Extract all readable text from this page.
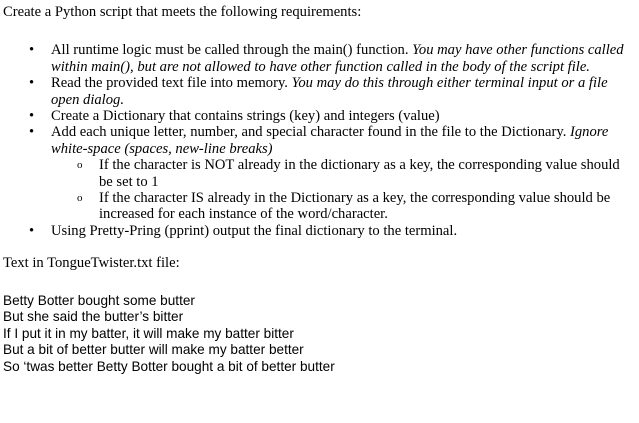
Create a Python script that meets the following requirements:

• All runtime logic must be called through the main() function. You may have other functions called within main(), but are not allowed to have other function called in the body of the script file.
• Read the provided text file into memory. You may do this through either terminal input or a file open dialog.
• Create a Dictionary that contains strings (key) and integers (value)
• Add each unique letter, number, and special character found in the file to the Dictionary. Ignore white-space (spaces, new-line breaks)
o If the character is NOT already in the dictionary as a key, the corresponding value should be set to 1
o If the character IS already in the Dictionary as a key, the corresponding value should be increased for each instance of the word/character.
• Using Pretty-Pring (pprint) output the final dictionary to the terminal.

Text in TongueTwister.txt file:

Betty Botter bought some butter

But she said the butter’s bitter

If I put it in my batter, it will make my batter bitter

But a bit of better butter will make my batter better

So ‘twas better Betty Botter bought a bit of better butter
